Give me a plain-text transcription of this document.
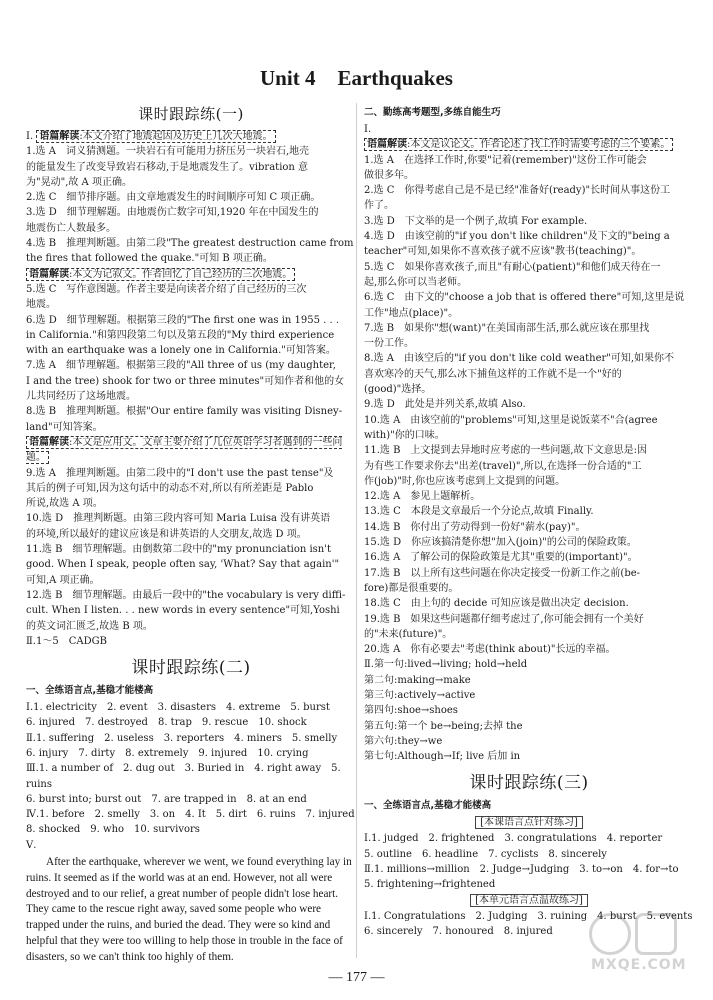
Unit 4 Earthquakes
课时跟踪练(一)

Ⅰ. 语篇解读:本文介绍了地震起因及历史上几次大地震。

1.选 A　词义猜测题。一块岩石有可能用力挤压另一块岩石,地壳

的能量发生了改变导致岩石移动,于是地震发生了。vibration 意

为"晃动",故 A 项正确。

2.选 C　细节排序题。由文章地震发生的时间顺序可知 C 项正确。

3.选 D　细节理解题。由地震伤亡数字可知,1920 年在中国发生的

地震伤亡人数最多。

4.选 B　推理判断题。由第二段"The greatest destruction came from

the fires that followed the quake."可知 B 项正确。

语篇解读:本文为记叙文。作者回忆了自己经历的三次地震。

5.选 C　写作意图题。作者主要是向读者介绍了自己经历的三次

地震。

6.选 D　细节理解题。根据第三段的"The first one was in 1955 . . .

in California."和第四段第二句以及第五段的"My third experience

with an earthquake was a lonely one in California."可知答案。

7.选 A　细节理解题。根据第三段的"All three of us (my daughter,

I and the tree) shook for two or three minutes"可知作者和他的女

儿共同经历了这场地震。

8.选 B　推理判断题。根据"Our entire family was visiting Disney-

land"可知答案。

语篇解读:本文是应用文。文章主要介绍了几位英语学习者遇到的一些问题。

9.选 A　推理判断题。由第二段中的"I don't use the past tense"及

其后的例子可知,因为这句话中的动态不对,所以有所差距是 Pablo

所说,故选 A 项。

10.选 D　推理判断题。由第三段内容可知 Maria Luisa 没有讲英语

的环境,所以最好的建议应该是和讲英语的人交朋友,故选 D 项。

11.选 B　细节理解题。由倒数第二段中的"my pronunciation isn't

good. When I speak, people often say, 'What? Say that again'"

可知,A 项正确。

12.选 B　细节理解题。由最后一段中的"the vocabulary is very diffi-

cult. When I listen. . . new words in every sentence"可知,Yoshi

的英文词汇匮乏,故选 B 项。

Ⅱ.1～5　CADGB

课时跟踪练(二)
一、全练语言点,基稳才能楼高

Ⅰ.1. electricity　2. event　3. disasters　4. extreme　5. burst

6. injured　7. destroyed　8. trap　9. rescue　10. shock

Ⅱ.1. suffering　2. useless　3. reporters　4. miners　5. smelly

6. injury　7. dirty　8. extremely　9. injured　10. crying

Ⅲ.1. a number of　2. dug out　3. Buried in　4. right away　5. ruins

6. burst into; burst out　7. are trapped in　8. at an end

Ⅳ.1. before　2. smelly　3. on　4. It　5. dirt　6. ruins　7. injured

8. shocked　9. who　10. survivors

Ⅴ.

After the earthquake, wherever we went, we found everything lay in ruins. It seemed as if the world was at an end. However, not all were destroyed and to our relief, a great number of people didn't lose heart. They came to the rescue right away, saved some people who were trapped under the ruins, and buried the dead. They were so kind and helpful that they were too willing to help those in trouble in the face of disasters, so we can't think too highly of them.

二、勤练高考题型,多练自能生巧

Ⅰ.

语篇解读:本文是议论文。作者论述了找工作时需要考虑的三个要素。

1.选 A　在选择工作时,你要"记着(remember)"这份工作可能会

做很多年。

2.选 C　你得考虑自己是不是已经"准备好(ready)"长时间从事这份工

作了。

3.选 D　下文举的是一个例子,故填 For example.

4.选 D　由该空前的"if you don't like children"及下文的"being a

teacher"可知,如果你不喜欢孩子就不应该"教书(teaching)"。

5.选 C　如果你喜欢孩子,而且"有耐心(patient)"和他们成天待在一

起,那么你可以当老师。

6.选 C　由下文的"choose a job that is offered there"可知,这里是说

工作"地点(place)"。

7.选 B　如果你"想(want)"在美国南部生活,那么就应该在那里找

一份工作。

8.选 A　由该空后的"if you don't like cold weather"可知,如果你不

喜欢寒冷的天气,那么冰下捕鱼这样的工作就不是一个"好的

(good)"选择。

9.选 D　此处是并列关系,故填 Also.

10.选 A　由该空前的"problems"可知,这里是说饭菜不"合(agree

with)"你的口味。

11.选 B　上文提到去异地时应考虑的一些问题,故下文意思是:因

为有些工作要求你去"出差(travel)",所以,在选择一份合适的"工

作(job)"时,你也应该考虑到上文提到的问题。

12.选 A　参见上题解析。

13.选 C　本段是文章最后一个分论点,故填 Finally.

14.选 B　你付出了劳动得到一份好"薪水(pay)"。

15.选 D　你应该搞清楚你想"加入(join)"的公司的保险政策。

16.选 A　了解公司的保险政策是尤其"重要的(important)"。

17.选 B　以上所有这些问题在你决定接受一份新工作之前(be-

fore)都是很重要的。

18.选 C　由上句的 decide 可知应该是做出决定 decision.

19.选 B　如果这些问题都仔细考虑过了,你可能会拥有一个美好

的"未来(future)"。

20.选 A　你有必要去"考虑(think about)"长远的幸福。

Ⅱ.第一句:lived→living; hold→held

第二句:making→make

第三句:actively→active

第四句:shoe→shoes

第五句:第一个 be→being;去掉 the

第六句:they→we

第七句:Although→If; live 后加 in

课时跟踪练(三)
一、全练语言点,基稳才能楼高
[本课语言点针对练习]

Ⅰ.1. judged　2. frightened　3. congratulations　4. reporter

5. outline　6. headline　7. cyclists　8. sincerely

Ⅱ.1. millions→million　2. Judge→Judging　3. to→on　4. for→to

5. frightening→frightened

[本单元语言点温故练习]

Ⅰ.1. Congratulations　2. Judging　3. ruining　4. burst　5. events

6. sincerely　7. honoured　8. injured

— 177 —
MXQE.COM
